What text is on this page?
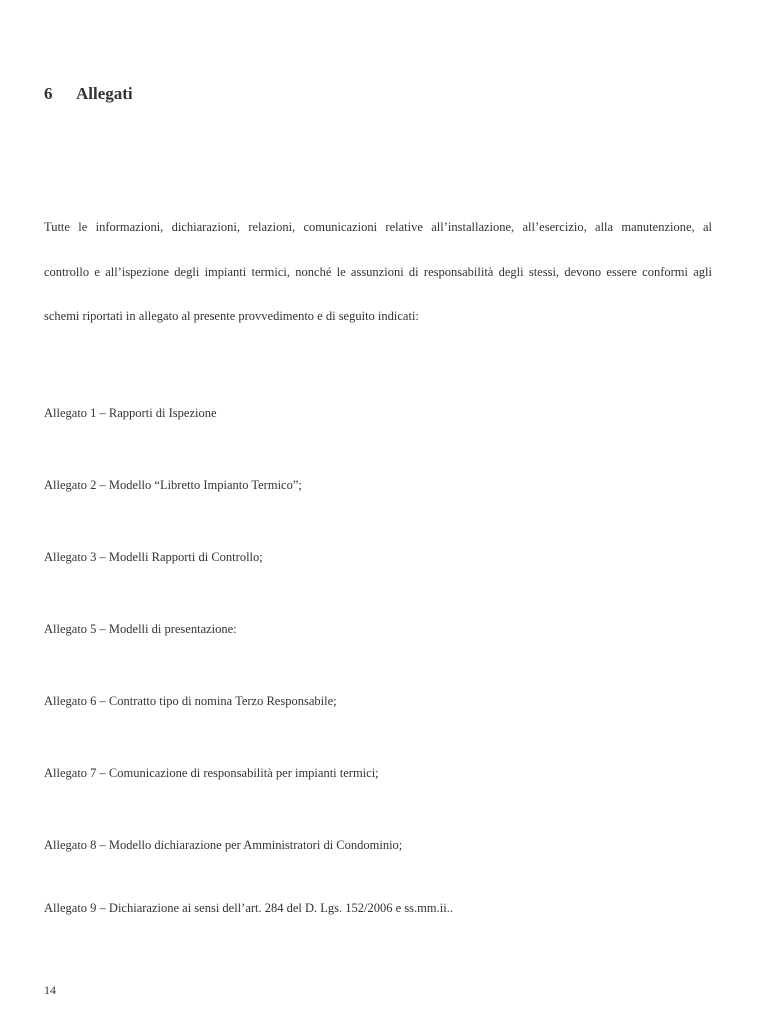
6 Allegati
Tutte le informazioni, dichiarazioni, relazioni, comunicazioni relative all’installazione, all’esercizio, alla manutenzione, al
controllo e all’ispezione degli impianti termici, nonché le assunzioni di responsabilità degli stessi, devono essere conformi agli
schemi riportati in allegato al presente provvedimento e di seguito indicati:
Allegato 1 – Rapporti di Ispezione
Allegato 2 – Modello “Libretto Impianto Termico”;
Allegato 3 – Modelli Rapporti di Controllo;
Allegato 5 – Modelli di presentazione:
Allegato 6 – Contratto tipo di nomina Terzo Responsabile;
Allegato 7 – Comunicazione di responsabilità per impianti termici;
Allegato 8 – Modello dichiarazione per Amministratori di Condominio;
Allegato 9 – Dichiarazione ai sensi dell’art. 284 del D. Lgs. 152/2006 e ss.mm.ii..
14
